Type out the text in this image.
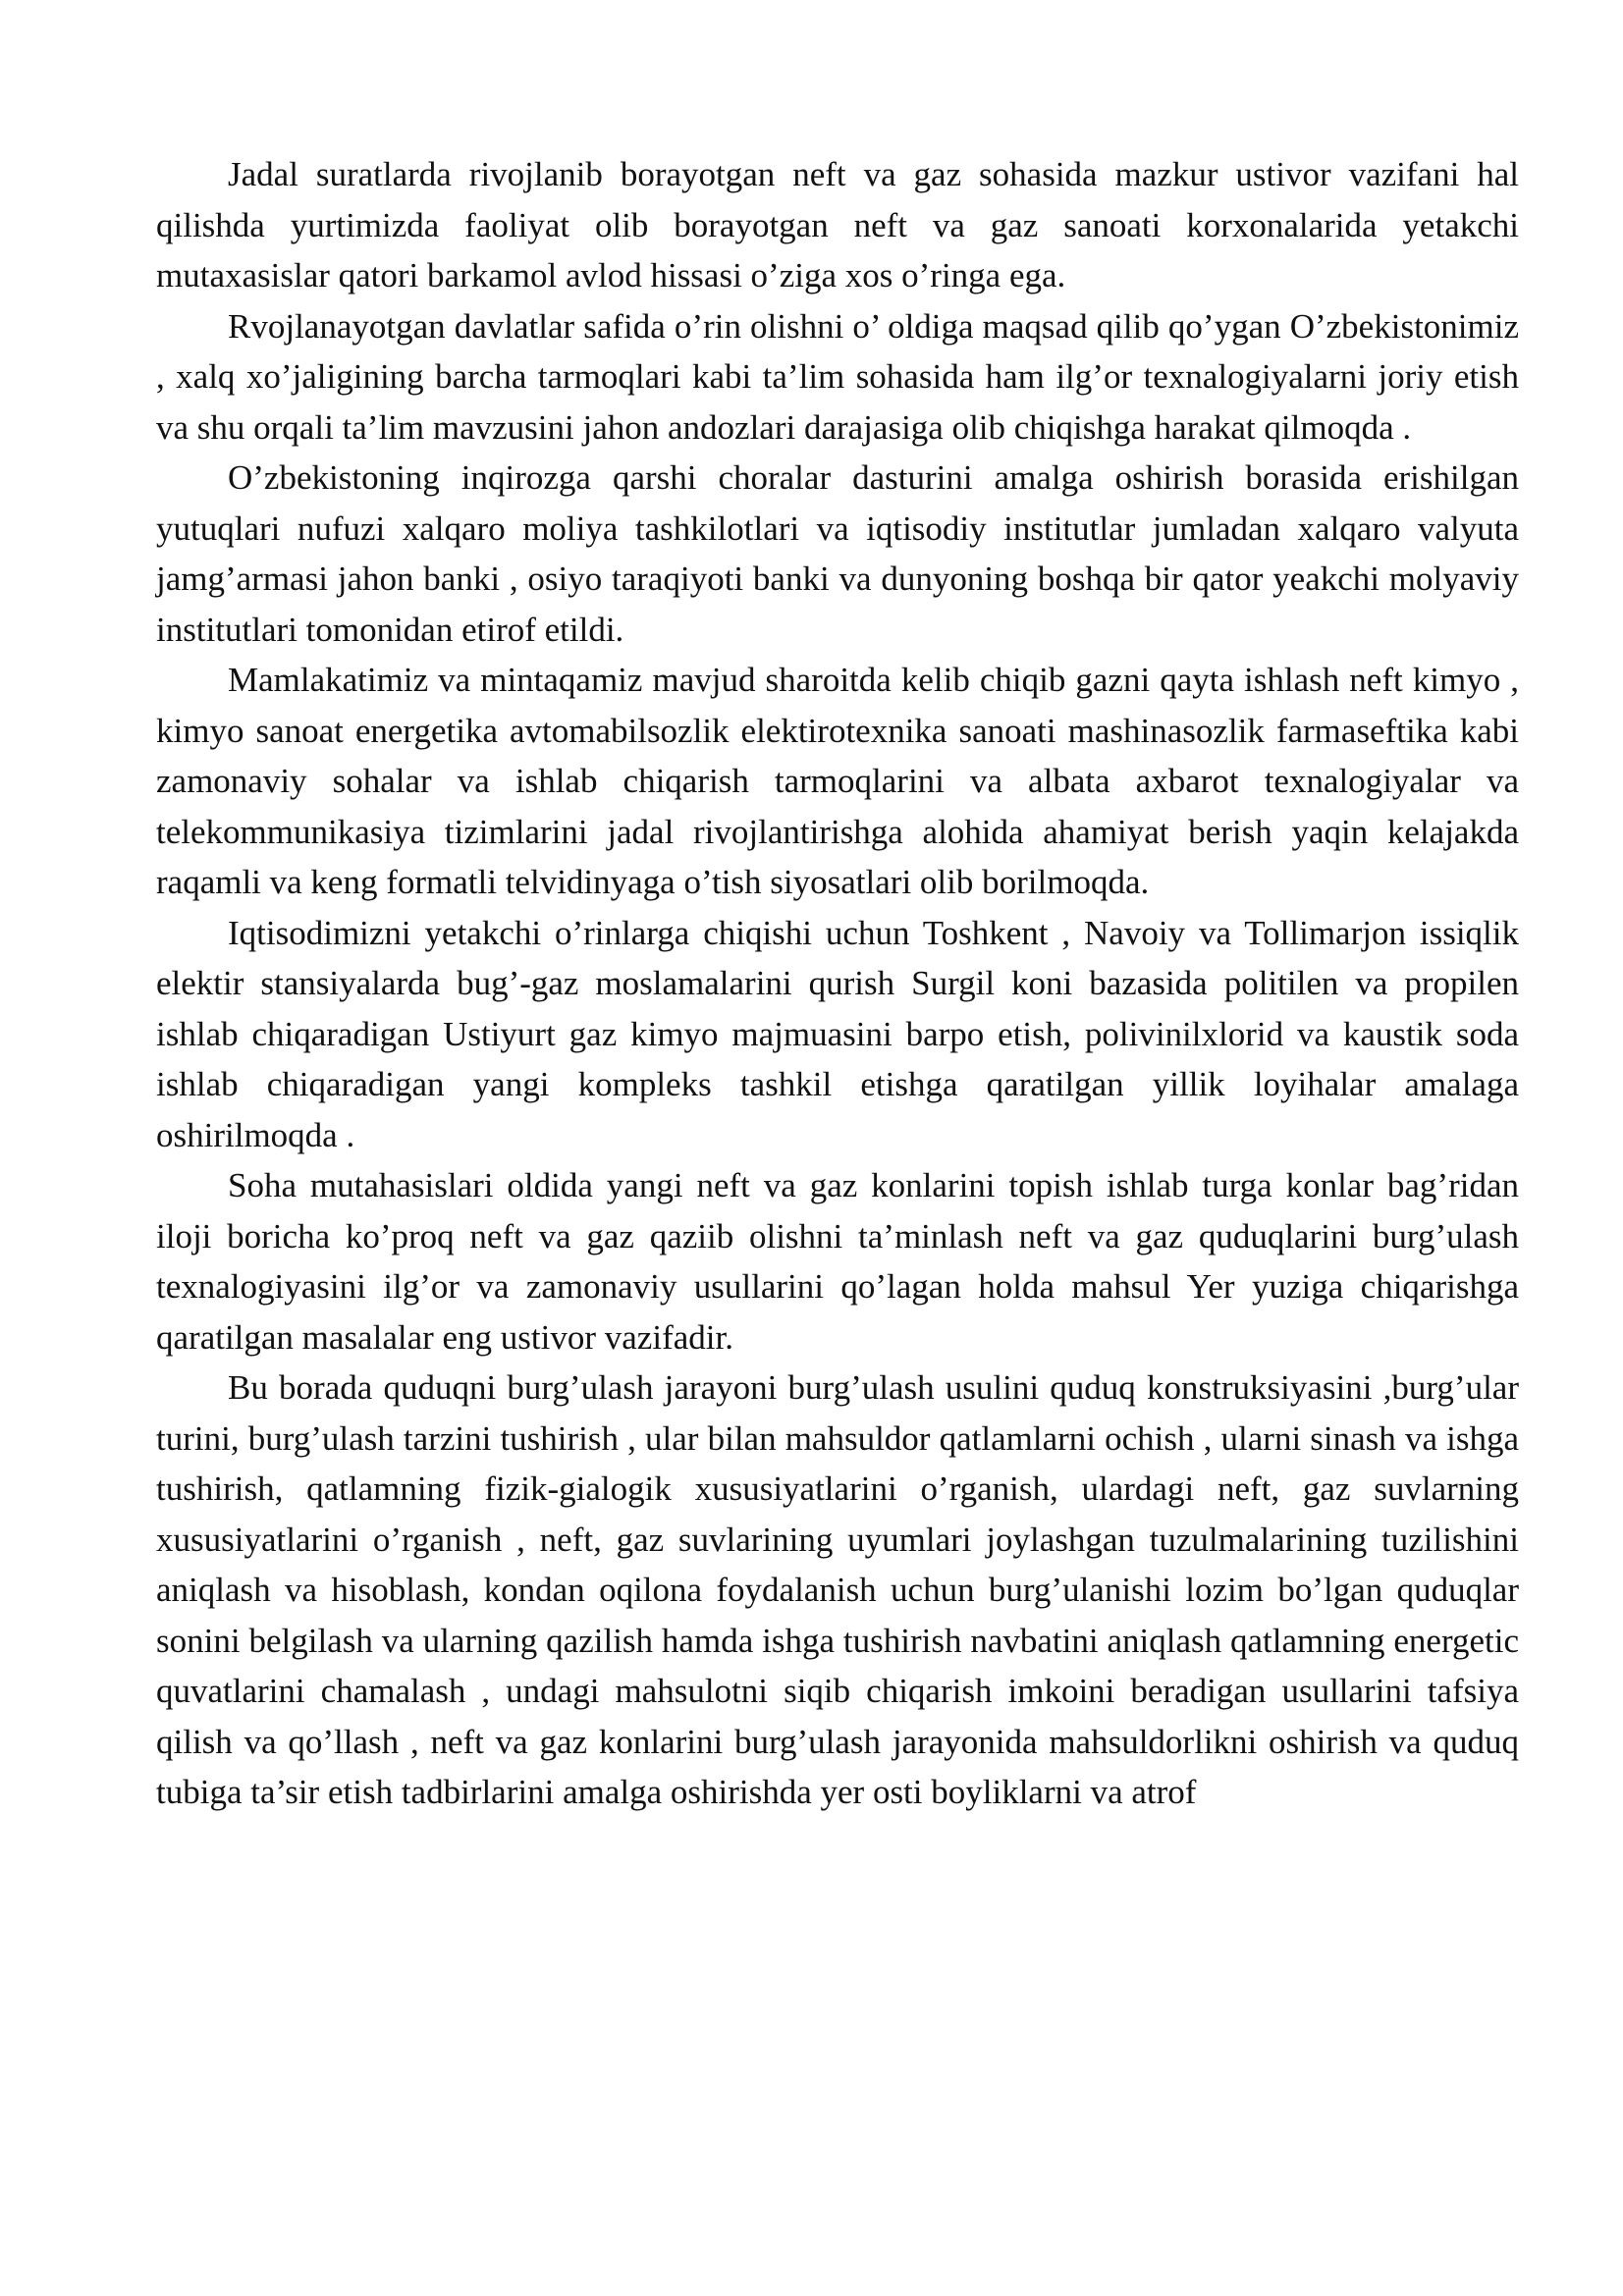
Jadal suratlarda rivojlanib borayotgan neft va gaz sohasida mazkur ustivor vazifani hal qilishda yurtimizda faoliyat olib borayotgan neft va gaz sanoati korxonalarida yetakchi mutaxasislar qatori barkamol avlod hissasi o’ziga xos o’ringa ega.

Rvojlanayotgan davlatlar safida o’rin olishni o’ oldiga maqsad qilib qo’ygan O’zbekistonimiz , xalq xo’jaligining barcha tarmoqlari kabi ta’lim sohasida ham ilg’or texnalogiyalarni joriy etish va shu orqali ta’lim mavzusini jahon andozlari darajasiga olib chiqishga harakat qilmoqda .

O’zbekistoning inqirozga qarshi choralar dasturini amalga oshirish borasida erishilgan yutuqlari nufuzi xalqaro moliya tashkilotlari va iqtisodiy institutlar jumladan xalqaro valyuta jamg’armasi jahon banki , osiyo taraqiyoti banki va dunyoning boshqa bir qator yeakchi molyaviy institutlari tomonidan etirof etildi.

Mamlakatimiz va mintaqamiz mavjud sharoitda kelib chiqib gazni qayta ishlash neft kimyo , kimyo sanoat energetika avtomabilsozlik elektirotexnika sanoati mashinasozlik farmaseftika kabi zamonaviy sohalar va ishlab chiqarish tarmoqlarini va albata axbarot texnalogiyalar va telekommunikasiya tizimlarini jadal rivojlantirishga alohida ahamiyat berish yaqin kelajakda raqamli va keng formatli telvidinyaga o’tish siyosatlari olib borilmoqda.

Iqtisodimizni yetakchi o’rinlarga chiqishi uchun Toshkent , Navoiy va Tollimarjon issiqlik elektir stansiyalarda bug’-gaz moslamalarini qurish Surgil koni bazasida politilen va propilen ishlab chiqaradigan Ustiyurt gaz kimyo majmuasini barpo etish, polivinilxlorid va kaustik soda ishlab chiqaradigan yangi kompleks tashkil etishga qaratilgan yillik loyihalar amalaga oshirilmoqda .

Soha mutahasislari oldida yangi neft va gaz konlarini topish ishlab turga konlar bag’ridan iloji boricha ko’proq neft va gaz qaziib olishni ta’minlash neft va gaz quduqlarini burg’ulash texnalogiyasini ilg’or va zamonaviy usullarini qo’lagan holda mahsul Yer yuziga chiqarishga qaratilgan masalalar eng ustivor vazifadir.

Bu borada quduqni burg’ulash jarayoni burg’ulash usulini quduq konstruksiyasini ,burg’ular turini, burg’ulash tarzini tushirish , ular bilan mahsuldor qatlamlarni ochish , ularni sinash va ishga tushirish, qatlamning fizik-gialogik xususiyatlarini o’rganish, ulardagi neft, gaz suvlarning xususiyatlarini o’rganish , neft, gaz suvlarining uyumlari joylashgan tuzulmalarining tuzilishini aniqlash va hisoblash, kondan oqilona foydalanish uchun burg’ulanishi lozim bo’lgan quduqlar sonini belgilash va ularning qazilish hamda ishga tushirish navbatini aniqlash qatlamning energetic quvatlarini chamalash , undagi mahsulotni siqib chiqarish imkoini beradigan usullarini tafsiya qilish va qo’llash , neft va gaz konlarini burg’ulash jarayonida mahsuldorlikni oshirish va quduq tubiga ta’sir etish tadbirlarini amalga oshirishda yer osti boyliklarni va atrof
